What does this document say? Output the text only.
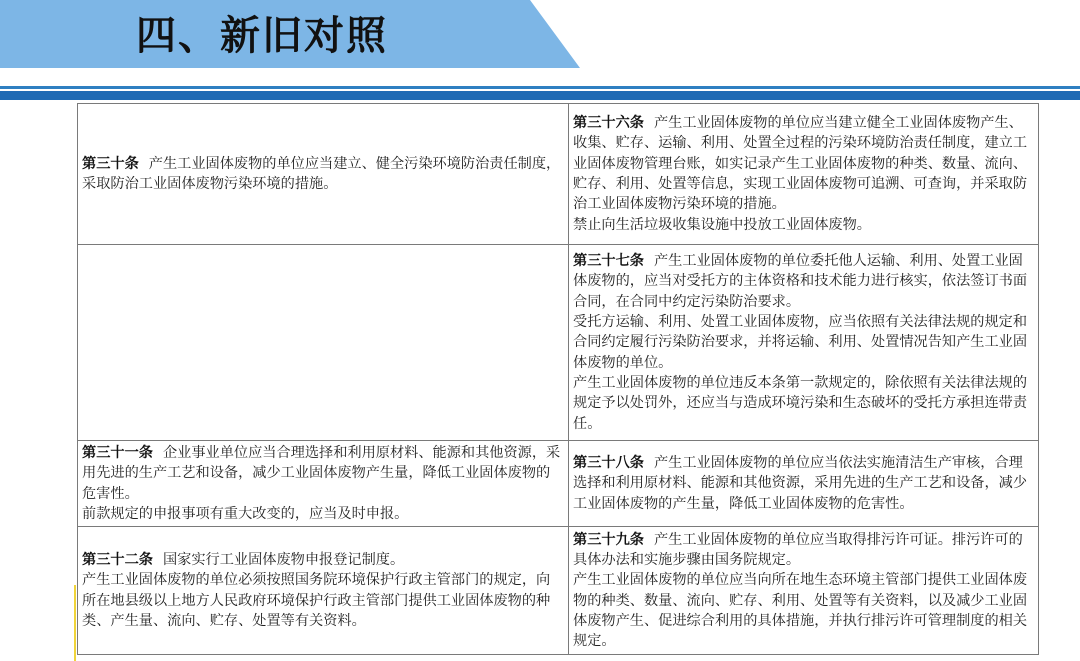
四、新旧对照
第三十条 产生工业固体废物的单位应当建立、健全污染环境防治责任制度，采取防治工业固体废物污染环境的措施。	第三十六条 产生工业固体废物的单位应当建立健全工业固体废物产生、收集、贮存、运输、利用、处置全过程的污染环境防治责任制度，建立工业固体废物管理台账，如实记录产生工业固体废物的种类、数量、流向、贮存、利用、处置等信息，实现工业固体废物可追溯、可查询，并采取防治工业固体废物污染环境的措施。
禁止向生活垃圾收集设施中投放工业固体废物。

	第三十七条 产生工业固体废物的单位委托他人运输、利用、处置工业固体废物的，应当对受托方的主体资格和技术能力进行核实，依法签订书面合同，在合同中约定污染防治要求。
受托方运输、利用、处置工业固体废物，应当依照有关法律法规的规定和合同约定履行污染防治要求，并将运输、利用、处置情况告知产生工业固体废物的单位。
产生工业固体废物的单位违反本条第一款规定的，除依照有关法律法规的规定予以处罚外，还应当与造成环境污染和生态破坏的受托方承担连带责任。

第三十一条 企业事业单位应当合理选择和利用原材料、能源和其他资源，采用先进的生产工艺和设备，减少工业固体废物产生量，降低工业固体废物的危害性。
前款规定的申报事项有重大改变的，应当及时申报。	第三十八条 产生工业固体废物的单位应当依法实施清洁生产审核，合理选择和利用原材料、能源和其他资源，采用先进的生产工艺和设备，减少工业固体废物的产生量，降低工业固体废物的危害性。

第三十二条 国家实行工业固体废物申报登记制度。
产生工业固体废物的单位必须按照国务院环境保护行政主管部门的规定，向所在地县级以上地方人民政府环境保护行政主管部门提供工业固体废物的种类、产生量、流向、贮存、处置等有关资料。	第三十九条 产生工业固体废物的单位应当取得排污许可证。排污许可的具体办法和实施步骤由国务院规定。
产生工业固体废物的单位应当向所在地生态环境主管部门提供工业固体废物的种类、数量、流向、贮存、利用、处置等有关资料，以及减少工业固体废物产生、促进综合利用的具体措施，并执行排污许可管理制度的相关规定。
